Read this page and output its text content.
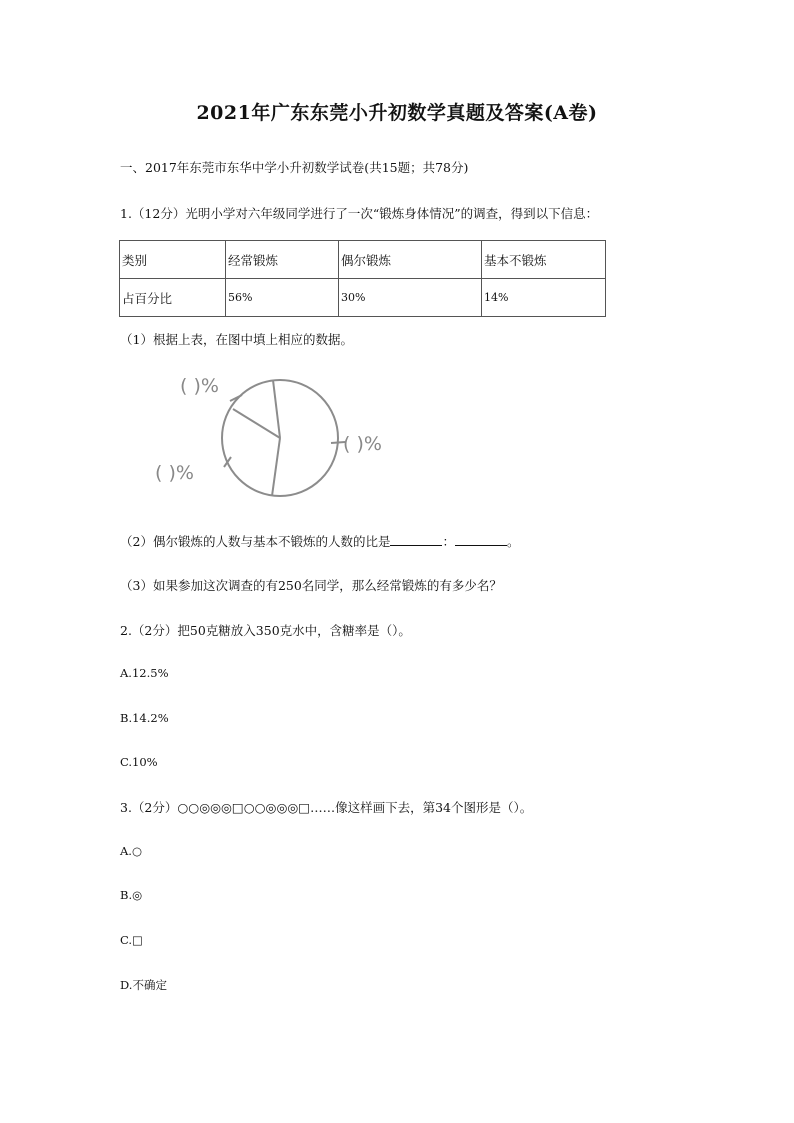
2021年广东东莞小升初数学真题及答案(A卷)
一、2017年东莞市东华中学小升初数学试卷(共15题；共78分)
1.（12分）光明小学对六年级同学进行了一次“锻炼身体情况”的调查，得到以下信息：
类别	经常锻炼	偶尔锻炼	基本不锻炼
占百分比	56%	30%	14%
（1）根据上表，在图中填上相应的数据。
( )%
( )%
( )%
（2）偶尔锻炼的人数与基本不锻炼的人数的比是	：	。
（3）如果参加这次调查的有250名同学，那么经常锻炼的有多少名？
2.（2分）把50克糖放入350克水中，含糖率是（）。
A.12.5%
B.14.2%
C.10%
3.（2分）○○◎◎◎□○○◎◎◎□……像这样画下去，第34个图形是（）。
A.○
B.◎
C.□
D.不确定
